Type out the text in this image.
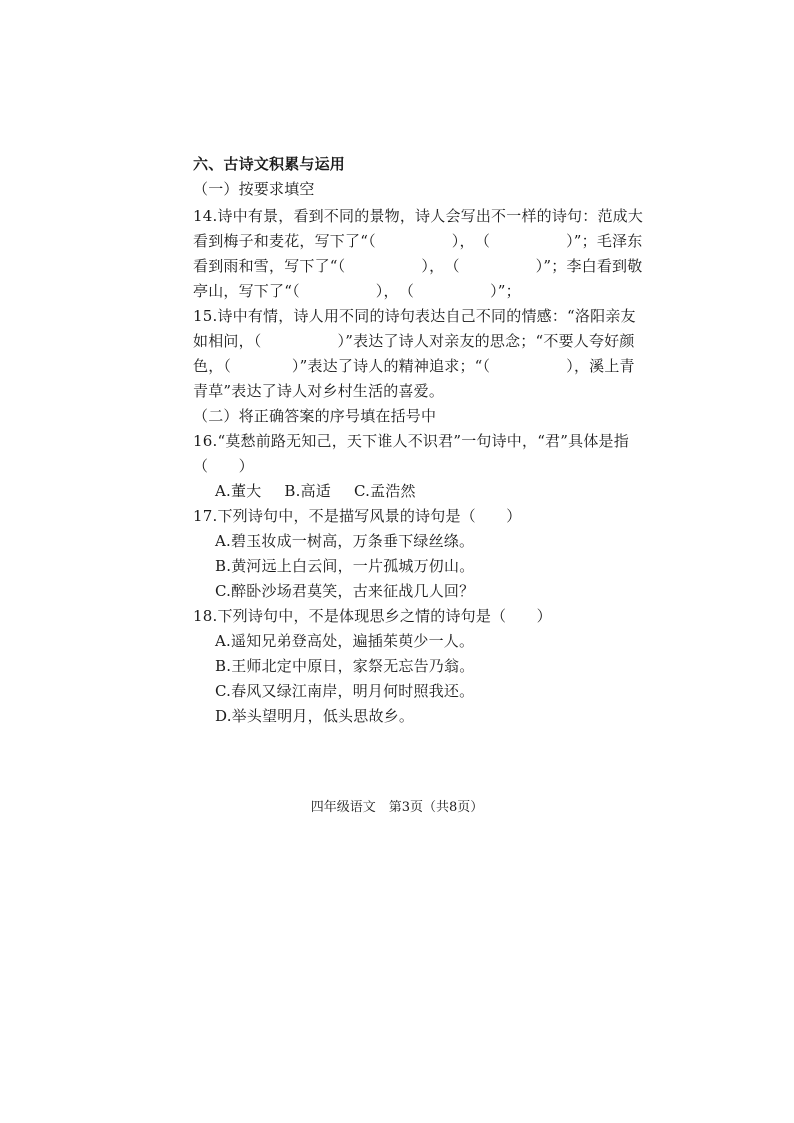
六、古诗文积累与运用

（一）按要求填空

14.诗中有景，看到不同的景物，诗人会写出不一样的诗句：范成大

看到梅子和麦花，写下了“（　　　　　），　（　　　　　）”；毛泽东

看到雨和雪，写下了“（　　　　　），　（　　　　　）”；李白看到敬

亭山，写下了“（　　　　　），　（　　　　　）”；

15.诗中有情，诗人用不同的诗句表达自己不同的情感：“洛阳亲友

如相问，（　　　　　）”表达了诗人对亲友的思念；“不要人夸好颜

色，（　　　　）”表达了诗人的精神追求；“（　　　　　），溪上青

青草”表达了诗人对乡村生活的喜爱。

（二）将正确答案的序号填在括号中

16.“莫愁前路无知己，天下谁人不识君”一句诗中，“君”具体是指

（　　）

A.董大 B.高适 C.孟浩然

17.下列诗句中，不是描写风景的诗句是（　　）

A.碧玉妆成一树高，万条垂下绿丝绦。

B.黄河远上白云间，一片孤城万仞山。

C.醉卧沙场君莫笑，古来征战几人回？

18.下列诗句中，不是体现思乡之情的诗句是（　　）

A.遥知兄弟登高处，遍插茱萸少一人。

B.王师北定中原日，家祭无忘告乃翁。

C.春风又绿江南岸，明月何时照我还。

D.举头望明月，低头思故乡。

四年级语文　第3页（共8页）
